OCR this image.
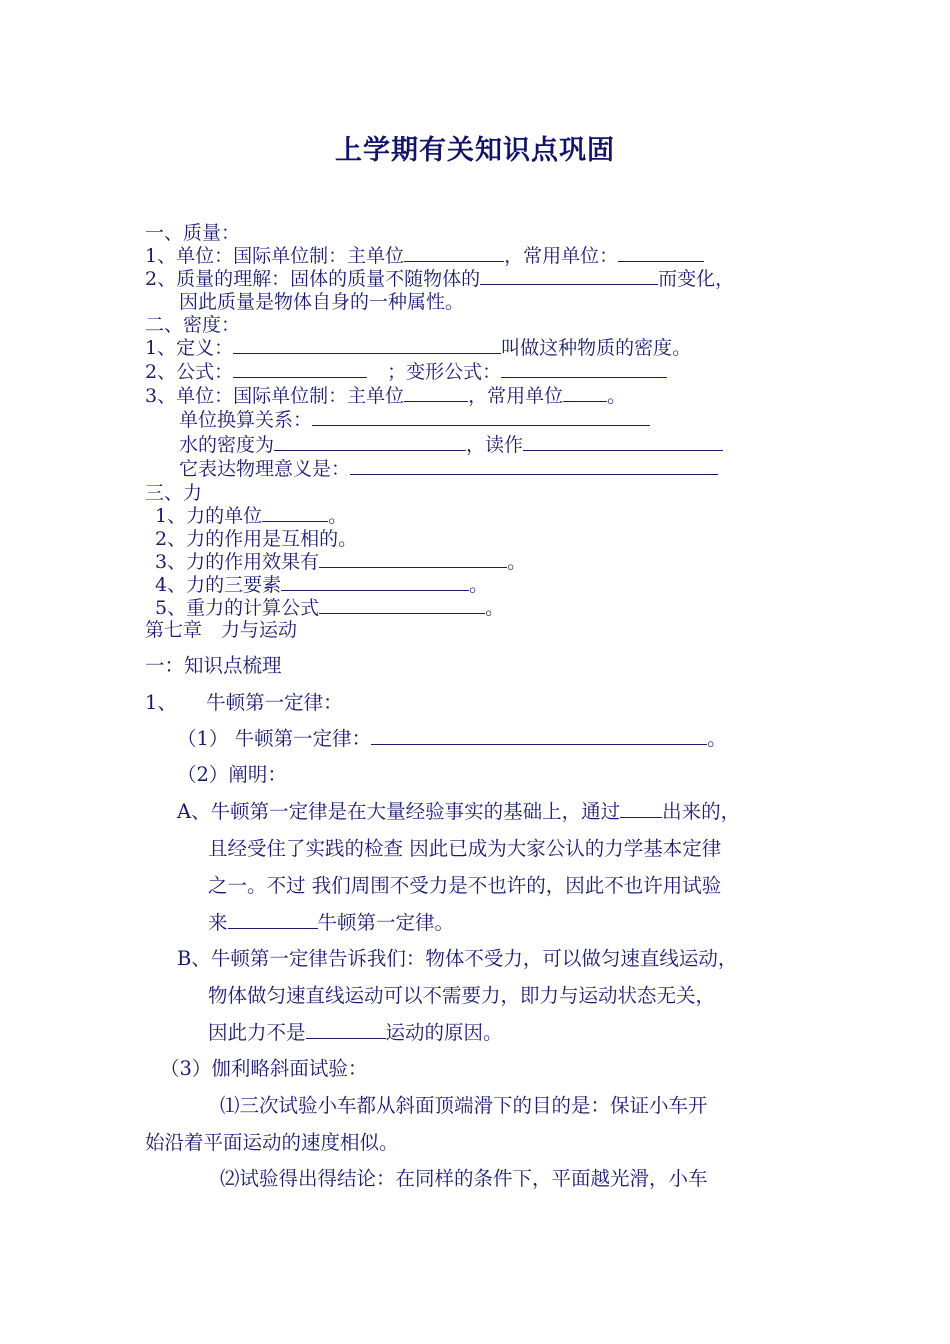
上学期有关知识点巩固
一、质量：
1、单位：国际单位制：主单位	，常用单位：
2、质量的理解：固体的质量不随物体的	而变化，
因此质量是物体自身的一种属性。
二、密度：
1、定义：	叫做这种物质的密度。
2、公式：	；变形公式：
3、单位：国际单位制：主单位	，常用单位 。
单位换算关系：
水的密度为	，读作
它表达物理意义是：
三、力
1、力的单位	。
2、力的作用是互相的。
3、力的作用效果有	。
4、力的三要素	。
5、重力的计算公式	。
第七章　力与运动
一：知识点梳理
1、　　牛顿第一定律：
（1） 牛顿第一定律：	。
（2）阐明：
A、牛顿第一定律是在大量经验事实的基础上，通过 出来的，
且经受住了实践的检查 因此已成为大家公认的力学基本定律
之一。不过 我们周围不受力是不也许的，因此不也许用试验
来	牛顿第一定律。
B、牛顿第一定律告诉我们：物体不受力，可以做匀速直线运动，
物体做匀速直线运动可以不需要力，即力与运动状态无关，
因此力不是	运动的原因。
（3）伽利略斜面试验：
⑴三次试验小车都从斜面顶端滑下的目的是：保证小车开
始沿着平面运动的速度相似。
⑵试验得出得结论：在同样的条件下，平面越光滑，小车
